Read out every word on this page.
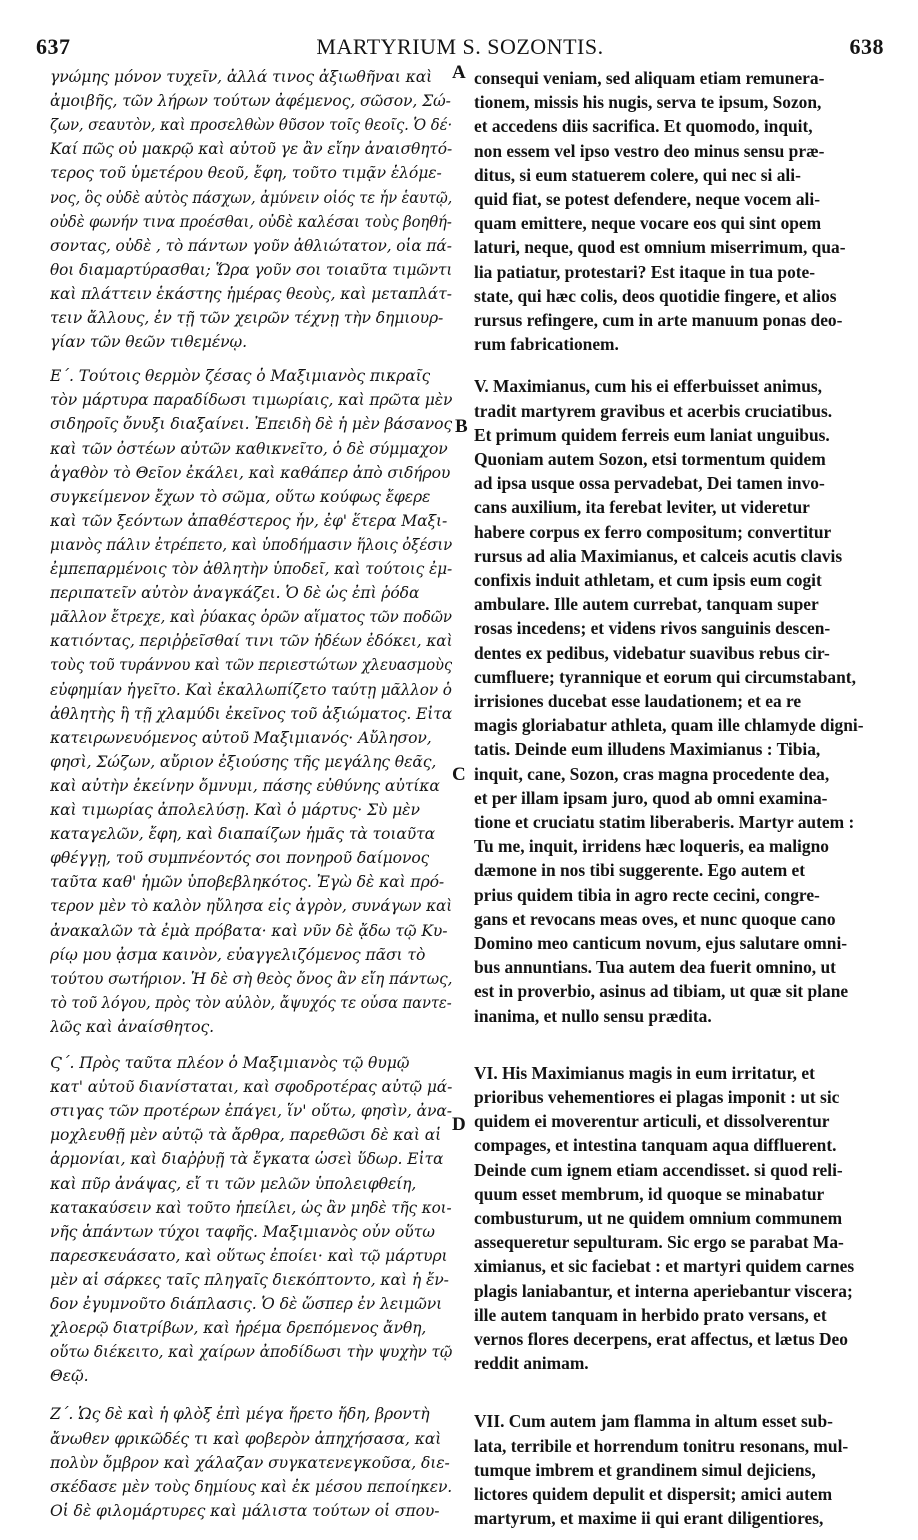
637	MARTYRIUM S. SOZONTIS.	638
γνώμης μόνον τυχεῖν, ἀλλά τινος ἀξιωθῆναι καὶ
ἀμοιβῆς, τῶν λήρων τούτων ἀφέμενος, σῶσον, Σώ-
ζων, σεαυτὸν, καὶ προσελθὼν θῦσον τοῖς θεοῖς. Ὁ δέ·
Καί πῶς οὐ μακρῷ καὶ αὐτοῦ γε ἂν εἴην ἀναισθητό-
τερος τοῦ ὑμετέρου θεοῦ, ἔφη, τοῦτο τιμᾷν ἑλόμε-
νος, ὃς οὐδὲ αὐτὸς πάσχων, ἀμύνειν οἷός τε ἦν ἑαυτῷ,
οὐδὲ φωνήν τινα προέσθαι, οὐδὲ καλέσαι τοὺς βοηθή-
σοντας, οὐδὲ , τὸ πάντων γοῦν ἀθλιώτατον, οἷα πά-
θοι διαμαρτύρασθαι; Ὥρα γοῦν σοι τοιαῦτα τιμῶντι
καὶ πλάττειν ἑκάστης ἡμέρας θεοὺς, καὶ μεταπλάτ-
τειν ἄλλους, ἐν τῇ τῶν χειρῶν τέχνῃ τὴν δημιουρ-
γίαν τῶν θεῶν τιθεμένῳ.
Ε΄. Τούτοις θερμὸν ζέσας ὁ Μαξιμιανὸς πικραῖς
τὸν μάρτυρα παραδίδωσι τιμωρίαις, καὶ πρῶτα μὲν
σιδηροῖς ὄνυξι διαξαίνει. Ἐπειδὴ δὲ ἡ μὲν βάσανος
καὶ τῶν ὀστέων αὐτῶν καθικνεῖτο, ὁ δὲ σύμμαχον
ἀγαθὸν τὸ Θεῖον ἐκάλει, καὶ καθάπερ ἀπὸ σιδήρου
συγκείμενον ἔχων τὸ σῶμα, οὕτω κούφως ἔφερε
καὶ τῶν ξεόντων ἀπαθέστερος ἦν, ἐφ' ἕτερα Μαξι-
μιανὸς πάλιν ἐτρέπετο, καὶ ὑποδήμασιν ἥλοις ὀξέσιν
ἐμπεπαρμένοις τὸν ἀθλητὴν ὑποδεῖ, καὶ τούτοις ἐμ-
περιπατεῖν αὐτὸν ἀναγκάζει. Ὁ δὲ ὡς ἐπὶ ῥόδα
μᾶλλον ἔτρεχε, καὶ ῥύακας ὁρῶν αἵματος τῶν ποδῶν
κατιόντας, περιῤῥεῖσθαί τινι τῶν ἡδέων ἐδόκει, καὶ
τοὺς τοῦ τυράννου καὶ τῶν περιεστώτων χλευασμοὺς
εὐφημίαν ἡγεῖτο. Καὶ ἐκαλλωπίζετο ταύτῃ μᾶλλον ὁ
ἀθλητὴς ἢ τῇ χλαμύδι ἐκεῖνος τοῦ ἀξιώματος. Εἶτα
κατειρωνευόμενος αὐτοῦ Μαξιμιανός· Αὔλησον,
φησὶ, Σώζων, αὔριον ἐξιούσης τῆς μεγάλης θεᾶς,
καὶ αὐτὴν ἐκείνην ὄμνυμι, πάσης εὐθύνης αὐτίκα
καὶ τιμωρίας ἀπολελύσῃ. Καὶ ὁ μάρτυς· Σὺ μὲν
καταγελῶν, ἔφη, καὶ διαπαίζων ἡμᾶς τὰ τοιαῦτα
φθέγγῃ, τοῦ συμπνέοντός σοι πονηροῦ δαίμονος
ταῦτα καθ' ἡμῶν ὑποβεβληκότος. Ἐγὼ δὲ καὶ πρό-
τερον μὲν τὸ καλὸν ηὔλησα εἰς ἀγρὸν, συνάγων καὶ
ἀνακαλῶν τὰ ἐμὰ πρόβατα· καὶ νῦν δὲ ᾄδω τῷ Κυ-
ρίῳ μου ᾆσμα καινὸν, εὐαγγελιζόμενος πᾶσι τὸ
τούτου σωτήριον. Ἡ δὲ σὴ θεὸς ὄνος ἂν εἴη πάντως,
τὸ τοῦ λόγου, πρὸς τὸν αὐλὸν, ἄψυχός τε οὖσα παντε-
λῶς καὶ ἀναίσθητος.
Ϛ΄. Πρὸς ταῦτα πλέον ὁ Μαξιμιανὸς τῷ θυμῷ
κατ' αὐτοῦ διανίσταται, καὶ σφοδροτέρας αὐτῷ μά-
στιγας τῶν προτέρων ἐπάγει, ἵν' οὕτω, φησὶν, ἀνα-
μοχλευθῇ μὲν αὐτῷ τὰ ἄρθρα, παρεθῶσι δὲ καὶ αἱ
ἁρμονίαι, καὶ διαῤῥυῇ τὰ ἔγκατα ὡσεὶ ὕδωρ. Εἶτα
καὶ πῦρ ἀνάψας, εἴ τι τῶν μελῶν ὑπολειφθείη,
κατακαύσειν καὶ τοῦτο ἠπείλει, ὡς ἂν μηδὲ τῆς κοι-
νῆς ἁπάντων τύχοι ταφῆς. Μαξιμιανὸς οὖν οὕτω
παρεσκευάσατο, καὶ οὕτως ἐποίει· καὶ τῷ μάρτυρι
μὲν αἱ σάρκες ταῖς πληγαῖς διεκόπτοντο, καὶ ἡ ἔν-
δον ἐγυμνοῦτο διάπλασις. Ὁ δὲ ὥσπερ ἐν λειμῶνι
χλοερῷ διατρίβων, καὶ ἠρέμα δρεπόμενος ἄνθη,
οὕτω διέκειτο, καὶ χαίρων ἀποδίδωσι τὴν ψυχὴν τῷ
Θεῷ.
Ζ΄. Ὡς δὲ καὶ ἡ φλὸξ ἐπὶ μέγα ἤρετο ἤδη, βροντὴ
ἄνωθεν φρικῶδές τι καὶ φοβερὸν ἀπηχήσασα, καὶ
πολὺν ὄμβρον καὶ χάλαζαν συγκατενεγκοῦσα, διε-
σκέδασε μὲν τοὺς δημίους καὶ ἐκ μέσου πεποίηκεν.
Οἱ δὲ φιλομάρτυρες καὶ μάλιστα τούτων οἱ σπου-
consequi veniam, sed aliquam etiam remunera-
tionem, missis his nugis, serva te ipsum, Sozon,
et accedens diis sacrifica. Et quomodo, inquit,
non essem vel ipso vestro deo minus sensu præ-
ditus, si eum statuerem colere, qui nec si ali-
quid fiat, se potest defendere, neque vocem ali-
quam emittere, neque vocare eos qui sint opem
laturi, neque, quod est omnium miserrimum, qua-
lia patiatur, protestari? Est itaque in tua pote-
state, qui hæc colis, deos quotidie fingere, et alios
rursus refingere, cum in arte manuum ponas deo-
rum fabricationem.
V. Maximianus, cum his ei efferbuisset animus,
tradit martyrem gravibus et acerbis cruciatibus.
Et primum quidem ferreis eum laniat unguibus.
Quoniam autem Sozon, etsi tormentum quidem
ad ipsa usque ossa pervadebat, Dei tamen invo-
cans auxilium, ita ferebat leviter, ut videretur
habere corpus ex ferro compositum; convertitur
rursus ad alia Maximianus, et calceis acutis clavis
confixis induit athletam, et cum ipsis eum cogit
ambulare. Ille autem currebat, tanquam super
rosas incedens; et videns rivos sanguinis descen-
dentes ex pedibus, videbatur suavibus rebus cir-
cumfluere; tyrannique et eorum qui circumstabant,
irrisiones ducebat esse laudationem; et ea re
magis gloriabatur athleta, quam ille chlamyde digni-
tatis. Deinde eum illudens Maximianus : Tibia,
inquit, cane, Sozon, cras magna procedente dea,
et per illam ipsam juro, quod ab omni examina-
tione et cruciatu statim liberaberis. Martyr autem :
Tu me, inquit, irridens hæc loqueris, ea maligno
dæmone in nos tibi suggerente. Ego autem et
prius quidem tibia in agro recte cecini, congre-
gans et revocans meas oves, et nunc quoque cano
Domino meo canticum novum, ejus salutare omni-
bus annuntians. Tua autem dea fuerit omnino, ut
est in proverbio, asinus ad tibiam, ut quæ sit plane
inanima, et nullo sensu prædita.
VI. His Maximianus magis in eum irritatur, et
prioribus vehementiores ei plagas imponit : ut sic
quidem ei moverentur articuli, et dissolverentur
compages, et intestina tanquam aqua diffluerent.
Deinde cum ignem etiam accendisset. si quod reli-
quum esset membrum, id quoque se minabatur
combusturum, ut ne quidem omnium communem
assequeretur sepulturam. Sic ergo se parabat Ma-
ximianus, et sic faciebat : et martyri quidem carnes
plagis laniabantur, et interna aperiebantur viscera;
ille autem tanquam in herbido prato versans, et
vernos flores decerpens, erat affectus, et lætus Deo
reddit animam.
VII. Cum autem jam flamma in altum esset sub-
lata, terribile et horrendum tonitru resonans, mul-
tumque imbrem et grandinem simul dejiciens,
lictores quidem depulit et dispersit; amici autem
martyrum, et maxime ii qui erant diligentiores,
A
B
C
D
